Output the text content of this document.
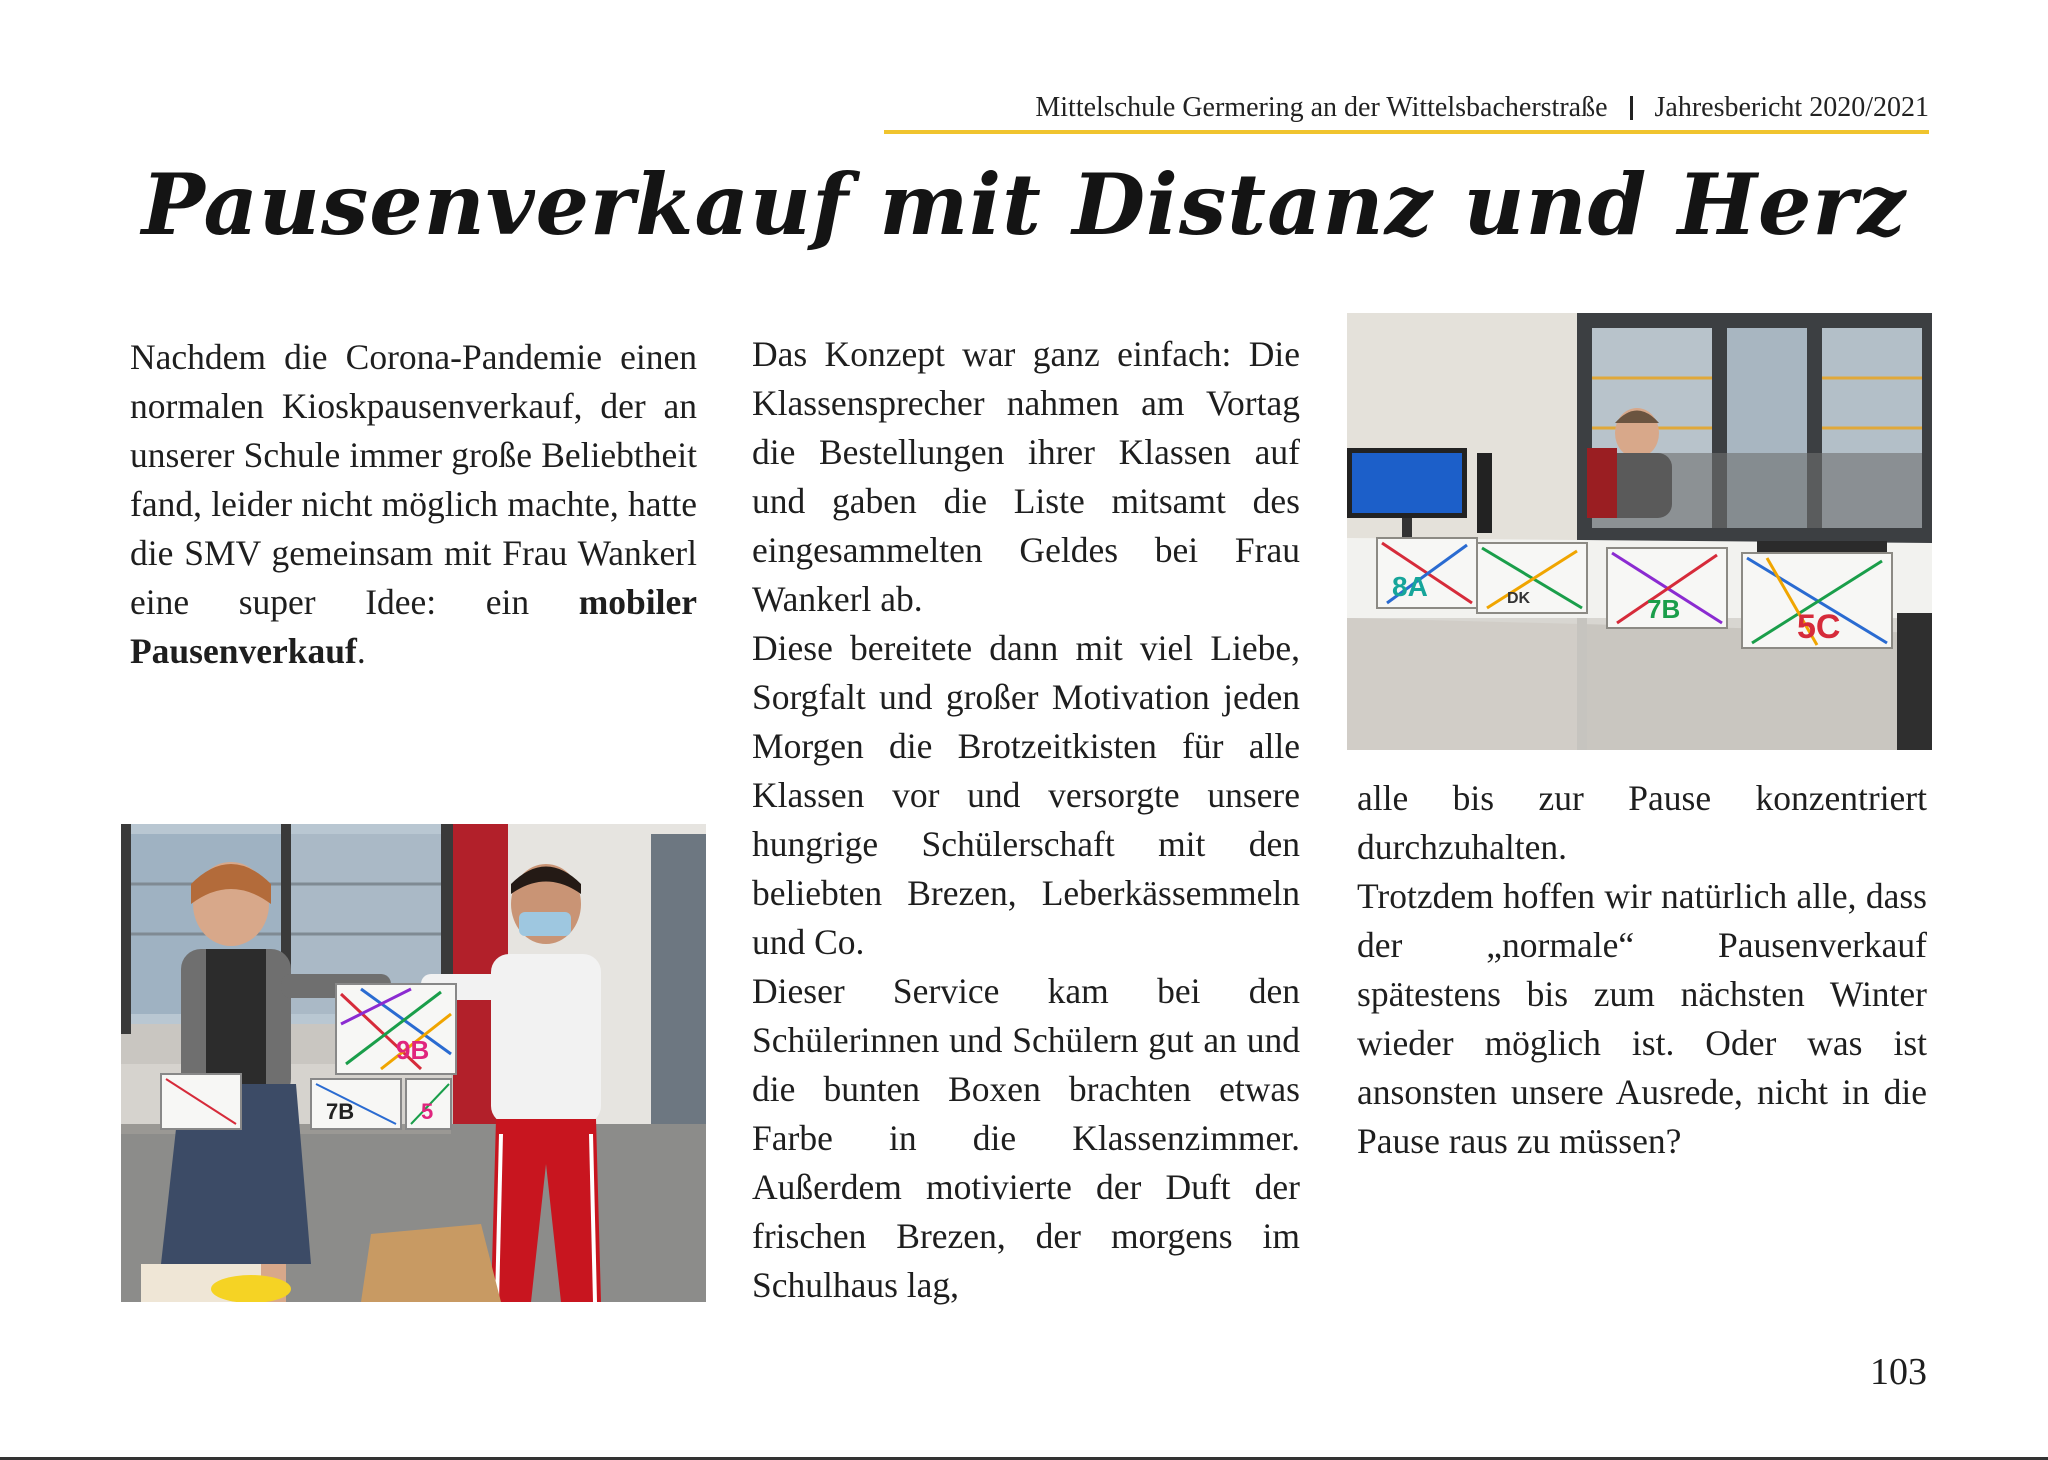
Mittelschule Germering an der Wittelsbacherstraße Jahresbericht 2020/2021
Pausenverkauf mit Distanz und Herz

Nachdem die Corona-Pandemie einen normalen Kioskpausenverkauf, der an unserer Schule immer große Beliebtheit fand, leider nicht möglich machte, hatte die SMV gemeinsam mit Frau Wankerl eine super Idee: ein mobiler Pausenverkauf.

Das Konzept war ganz einfach: Die Klassensprecher nahmen am Vortag die Bestellungen ihrer Klassen auf und gaben die Liste mitsamt des eingesammelten Geldes bei Frau Wankerl ab.

Diese bereitete dann mit viel Liebe, Sorgfalt und großer Motivation jeden Morgen die Brotzeitkisten für alle Klassen vor und versorgte unsere hungrige Schülerschaft mit den beliebten Brezen, Leberkässemmeln und Co.

Dieser Service kam bei den Schülerinnen und Schülern gut an und die bunten Boxen brachten etwas Farbe in die Klassenzimmer. Außerdem motivierte der Duft der frischen Brezen, der morgens im Schulhaus lag,

alle bis zur Pause konzentriert durchzuhalten.

Trotzdem hoffen wir natürlich alle, dass der „normale“ Pausenverkauf spätestens bis zum nächsten Winter wieder möglich ist. Oder was ist ansonsten unsere Ausrede, nicht in die Pause raus zu müssen?

9B
7B	5
8A	DK	7B	5C
103
